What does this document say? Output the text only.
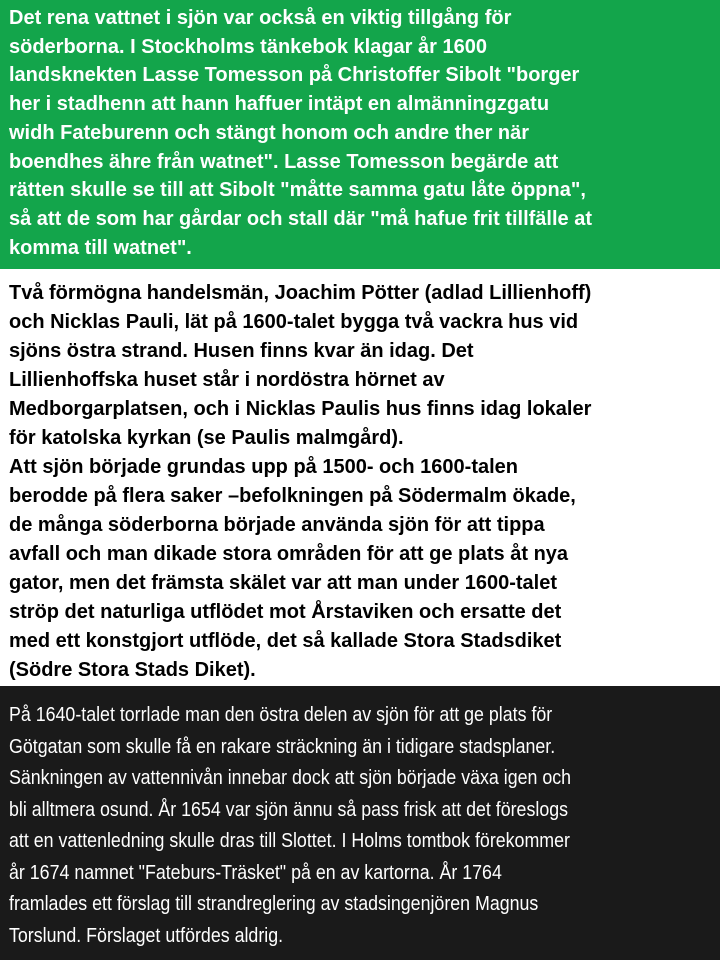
Det rena vattnet i sjön var också en viktig tillgång för
söderborna. I Stockholms tänkebok klagar år 1600
landsknekten Lasse Tomesson på Christoffer Sibolt "borger
her i stadhenn att hann haffuer intäpt en almänningzgatu
widh Fateburenn och stängt honom och andre ther när
boendhes ähre från watnet". Lasse Tomesson begärde att
rätten skulle se till att Sibolt "måtte samma gatu låte öppna",
så att de som har gårdar och stall där "må hafue frit tillfälle at
komma till watnet".

Två förmögna handelsmän, Joachim Pötter (adlad Lillienhoff)
och Nicklas Pauli, lät på 1600-talet bygga två vackra hus vid
sjöns östra strand. Husen finns kvar än idag. Det
Lillienhoffska huset står i nordöstra hörnet av
Medborgarplatsen, och i Nicklas Paulis hus finns idag lokaler
för katolska kyrkan (se Paulis malmgård).
Att sjön började grundas upp på 1500- och 1600-talen
berodde på flera saker –befolkningen på Södermalm ökade,
de många söderborna började använda sjön för att tippa
avfall och man dikade stora områden för att ge plats åt nya
gator, men det främsta skälet var att man under 1600-talet
ströp det naturliga utflödet mot Årstaviken och ersatte det
med ett konstgjort utflöde, det så kallade Stora Stadsdiket
(Södre Stora Stads Diket).

På 1640-talet torrlade man den östra delen av sjön för att ge plats för
Götgatan som skulle få en rakare sträckning än i tidigare stadsplaner.
Sänkningen av vattennivån innebar dock att sjön började växa igen och
bli alltmera osund. År 1654 var sjön ännu så pass frisk att det föreslogs
att en vattenledning skulle dras till Slottet. I Holms tomtbok förekommer
år 1674 namnet "Fateburs-Träsket" på en av kartorna. År 1764
framlades ett förslag till strandreglering av stadsingenjören Magnus
Torslund. Förslaget utfördes aldrig.
